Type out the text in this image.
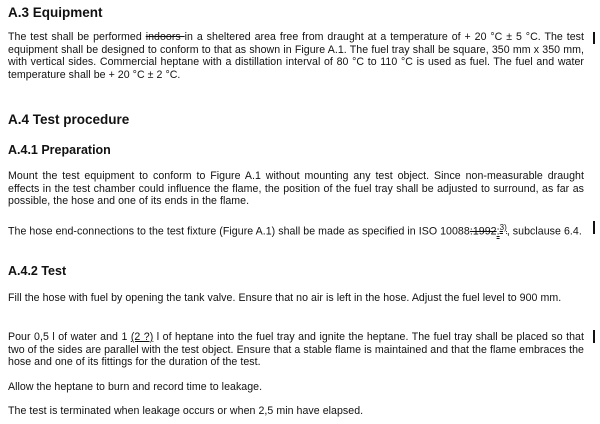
A.3 Equipment

The test shall be performed indoors in a sheltered area free from draught at a temperature of + 20 °C ± 5 °C. The test equipment shall be designed to conform to that as shown in Figure A.1. The fuel tray shall be square, 350 mm x 350 mm, with vertical sides. Commercial heptane with a distillation interval of 80 °C to 110 °C is used as fuel. The fuel and water temperature shall be + 20 °C ± 2 °C.

A.4 Test procedure
A.4.1 Preparation

Mount the test equipment to conform to Figure A.1 without mounting any test object. Since non-measurable draught effects in the test chamber could influence the flame, the position of the fuel tray shall be adjusted to surround, as far as possible, the hose and one of its ends in the flame.

The hose end-connections to the test fixture (Figure A.1) shall be made as specified in ISO 10088:1992:$^{3)}$, subclause 6.4.

A.4.2 Test

Fill the hose with fuel by opening the tank valve. Ensure that no air is left in the hose. Adjust the fuel level to 900 mm.

Pour 0,5 l of water and 1 (2 ?) l of heptane into the fuel tray and ignite the heptane. The fuel tray shall be placed so that two of the sides are parallel with the test object. Ensure that a stable flame is maintained and that the flame embraces the hose and one of its fittings for the duration of the test.

Allow the heptane to burn and record time to leakage.

The test is terminated when leakage occurs or when 2,5 min have elapsed.
